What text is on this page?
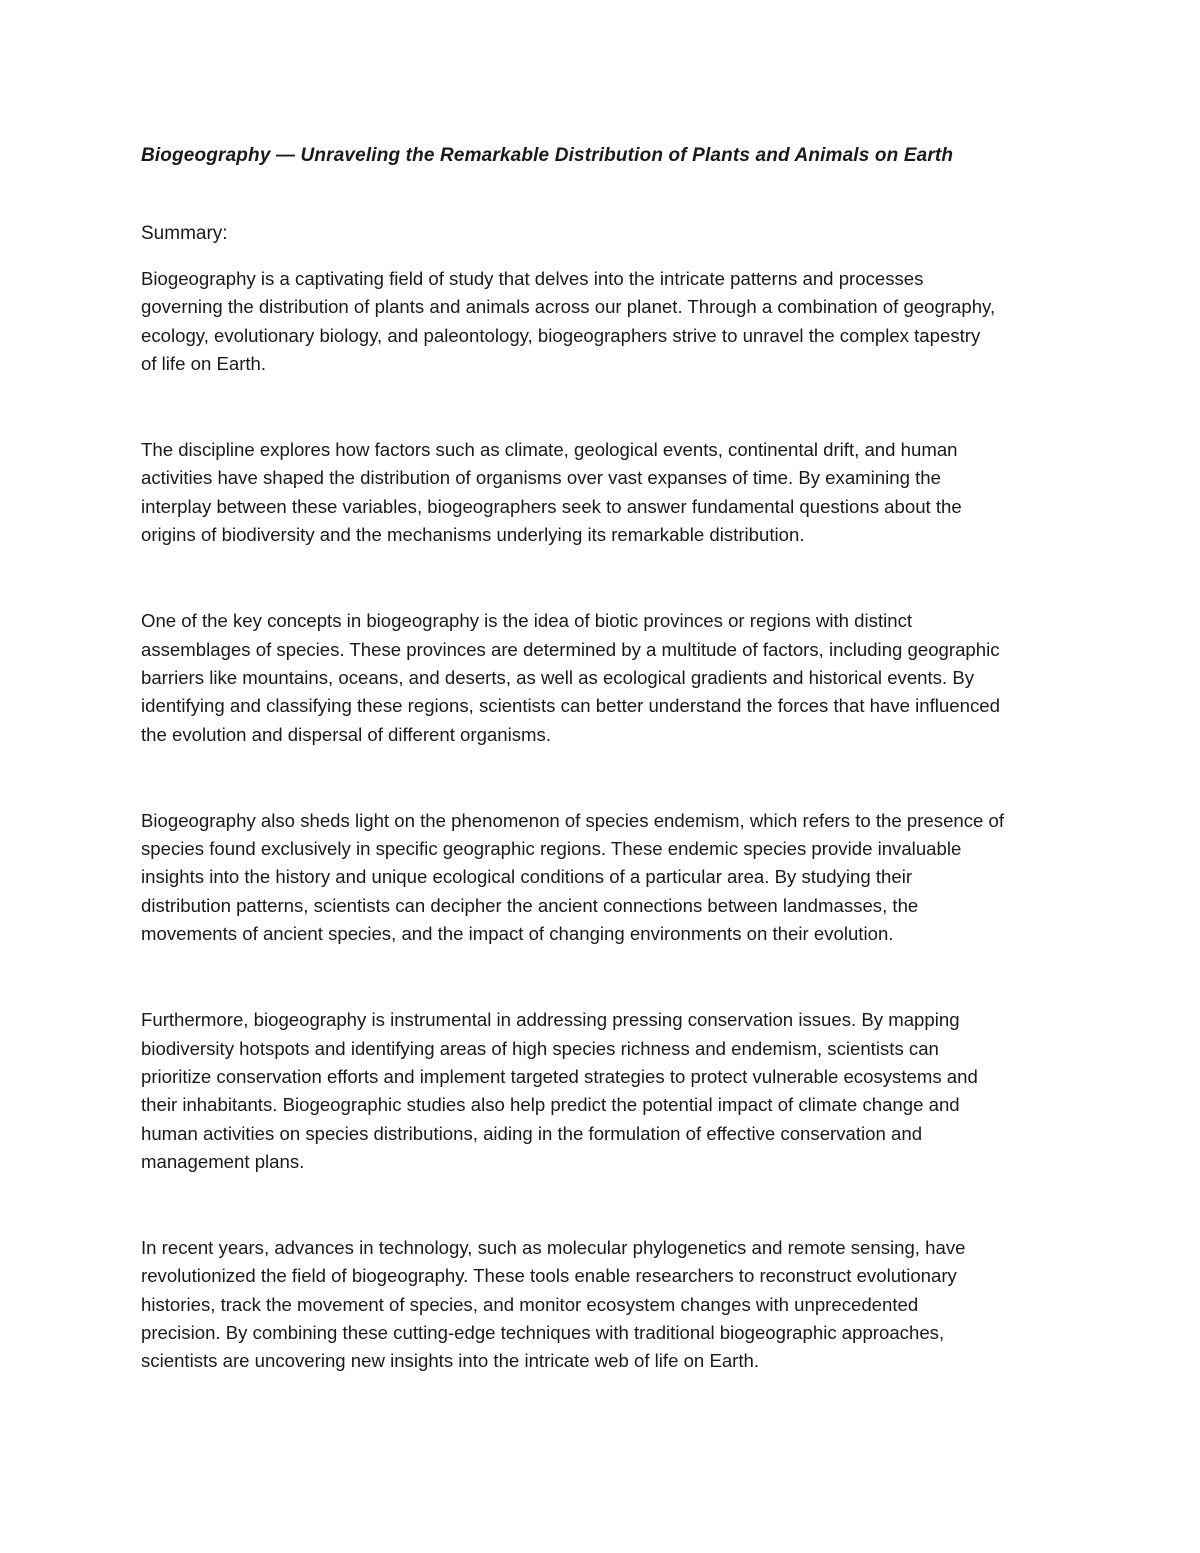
Biogeography — Unraveling the Remarkable Distribution of Plants and Animals on Earth

Summary:

Biogeography is a captivating field of study that delves into the intricate patterns and processes
governing the distribution of plants and animals across our planet. Through a combination of geography,
ecology, evolutionary biology, and paleontology, biogeographers strive to unravel the complex tapestry
of life on Earth.

The discipline explores how factors such as climate, geological events, continental drift, and human
activities have shaped the distribution of organisms over vast expanses of time. By examining the
interplay between these variables, biogeographers seek to answer fundamental questions about the
origins of biodiversity and the mechanisms underlying its remarkable distribution.

One of the key concepts in biogeography is the idea of biotic provinces or regions with distinct
assemblages of species. These provinces are determined by a multitude of factors, including geographic
barriers like mountains, oceans, and deserts, as well as ecological gradients and historical events. By
identifying and classifying these regions, scientists can better understand the forces that have influenced
the evolution and dispersal of different organisms.

Biogeography also sheds light on the phenomenon of species endemism, which refers to the presence of
species found exclusively in specific geographic regions. These endemic species provide invaluable
insights into the history and unique ecological conditions of a particular area. By studying their
distribution patterns, scientists can decipher the ancient connections between landmasses, the
movements of ancient species, and the impact of changing environments on their evolution.

Furthermore, biogeography is instrumental in addressing pressing conservation issues. By mapping
biodiversity hotspots and identifying areas of high species richness and endemism, scientists can
prioritize conservation efforts and implement targeted strategies to protect vulnerable ecosystems and
their inhabitants. Biogeographic studies also help predict the potential impact of climate change and
human activities on species distributions, aiding in the formulation of effective conservation and
management plans.

In recent years, advances in technology, such as molecular phylogenetics and remote sensing, have
revolutionized the field of biogeography. These tools enable researchers to reconstruct evolutionary
histories, track the movement of species, and monitor ecosystem changes with unprecedented
precision. By combining these cutting-edge techniques with traditional biogeographic approaches,
scientists are uncovering new insights into the intricate web of life on Earth.
